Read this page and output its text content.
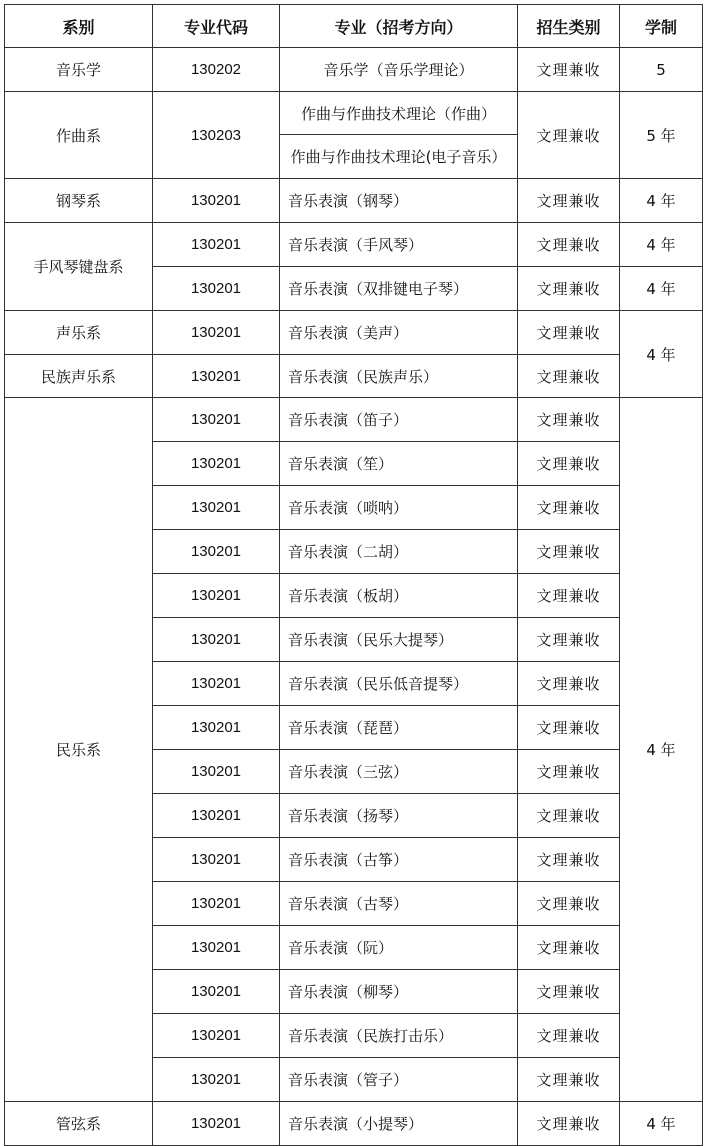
系别	专业代码	专业（招考方向）	招生类别	学制
音乐学	130202	音乐学（音乐学理论）	文理兼收	5
作曲系	130203	作曲与作曲技术理论（作曲）	文理兼收	5 年
		作曲与作曲技术理论(电子音乐）		
钢琴系	130201	音乐表演（钢琴）	文理兼收	4 年
手风琴键盘系	130201	音乐表演（手风琴）	文理兼收	4 年
	130201	音乐表演（双排键电子琴）	文理兼收	4 年
声乐系	130201	音乐表演（美声）	文理兼收	4 年
民族声乐系	130201	音乐表演（民族声乐）	文理兼收	
民乐系	130201	音乐表演（笛子）	文理兼收	4 年
	130201	音乐表演（笙）	文理兼收	
	130201	音乐表演（唢呐）	文理兼收	
	130201	音乐表演（二胡）	文理兼收	
	130201	音乐表演（板胡）	文理兼收	
	130201	音乐表演（民乐大提琴）	文理兼收	
	130201	音乐表演（民乐低音提琴）	文理兼收	
	130201	音乐表演（琵琶）	文理兼收	
	130201	音乐表演（三弦）	文理兼收	
	130201	音乐表演（扬琴）	文理兼收	
	130201	音乐表演（古筝）	文理兼收	
	130201	音乐表演（古琴）	文理兼收	
	130201	音乐表演（阮）	文理兼收	
	130201	音乐表演（柳琴）	文理兼收	
	130201	音乐表演（民族打击乐）	文理兼收	
	130201	音乐表演（管子）	文理兼收	
管弦系	130201	音乐表演（小提琴）	文理兼收	4 年
